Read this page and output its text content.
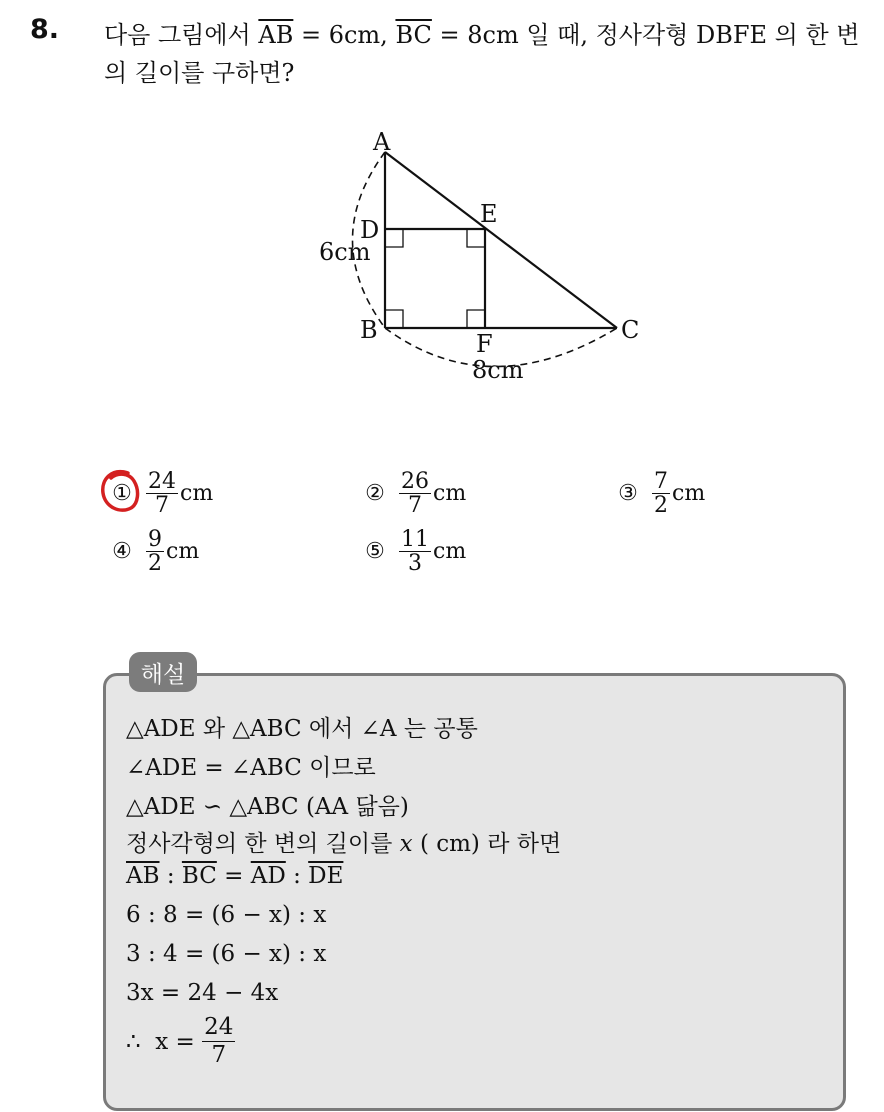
8. 다음 그림에서 $\overline{AB} = 6cm$, $\overline{BC} = 8cm$ 일 때, 정사각형 DBFE 의 한 변의 길이를 구하면?
A
D
E
B	C
F
6cm
8cm
① $\frac{24}{7}$ cm	② $\frac{26}{7}$ cm	③ $\frac{7}{2}$ cm
④ $\frac{9}{2}$ cm	⑤ $\frac{11}{3}$ cm
해설
△ADE 와 △ABC 에서 ∠A 는 공통
∠ADE = ∠ABC 이므로
△ADE ∽ △ABC (AA 닮음)
정사각형의 한 변의 길이를 x ( cm) 라 하면
$\overline{AB}$ : $\overline{BC} = \overline{AD}$ : $\overline{DE}$
6 : 8 = (6 − x) : x
3 : 4 = (6 − x) : x
3x = 24 − 4x
∴  $x = \frac{24}{7}$
